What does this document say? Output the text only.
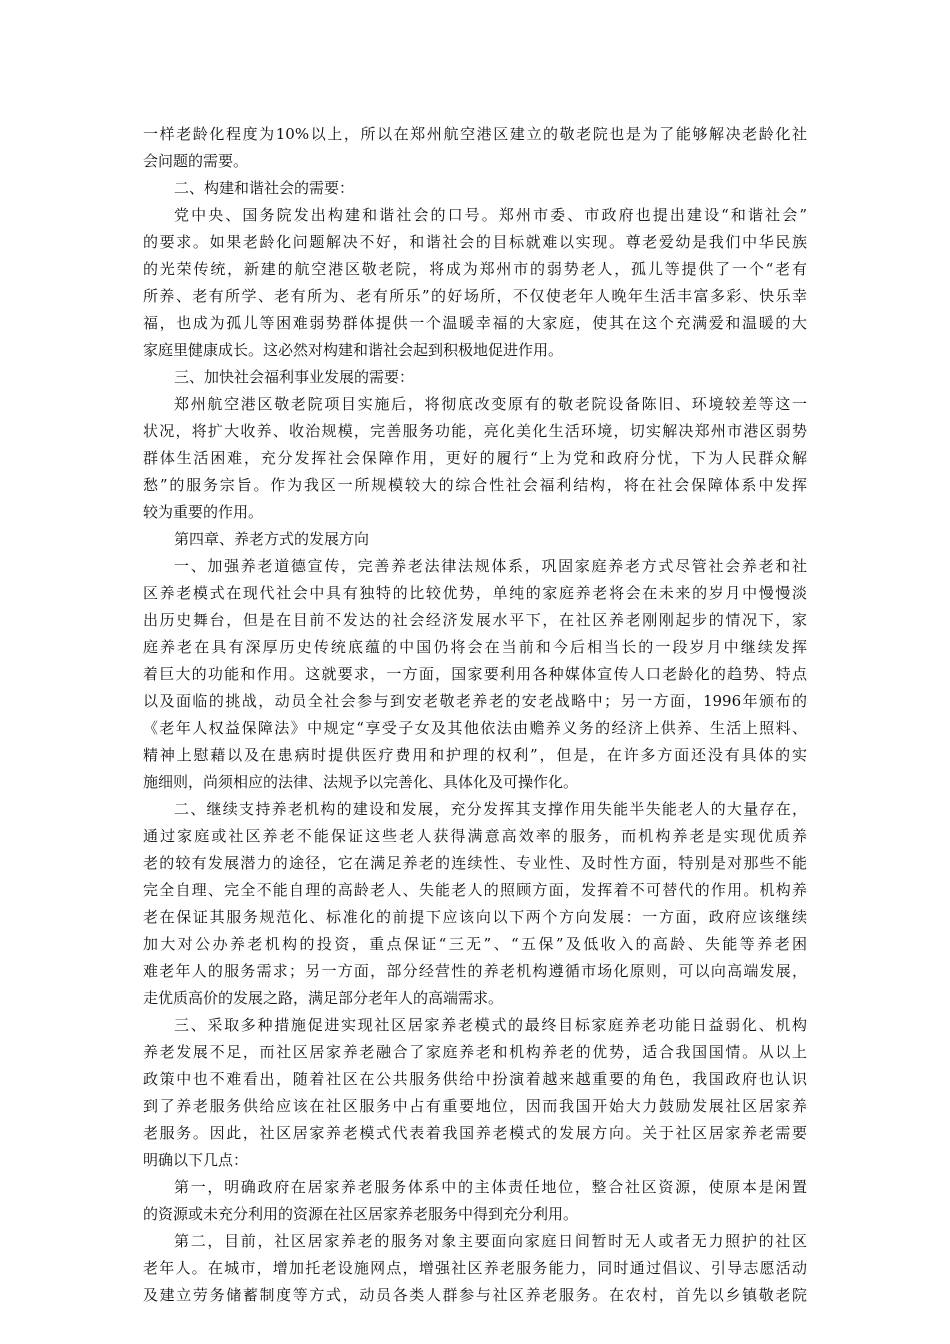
一样老龄化程度为10%以上，所以在郑州航空港区建立的敬老院也是为了能够解决老龄化社
会问题的需要。
二、构建和谐社会的需要：
党中央、国务院发出构建和谐社会的口号。郑州市委、市政府也提出建设“和谐社会”
的要求。如果老龄化问题解决不好，和谐社会的目标就难以实现。尊老爱幼是我们中华民族
的光荣传统，新建的航空港区敬老院，将成为郑州市的弱势老人，孤儿等提供了一个“老有
所养、老有所学、老有所为、老有所乐”的好场所，不仅使老年人晚年生活丰富多彩、快乐幸
福，也成为孤儿等困难弱势群体提供一个温暖幸福的大家庭，使其在这个充满爱和温暖的大
家庭里健康成长。这必然对构建和谐社会起到积极地促进作用。
三、加快社会福利事业发展的需要：
郑州航空港区敬老院项目实施后，将彻底改变原有的敬老院设备陈旧、环境较差等这一
状况，将扩大收养、收治规模，完善服务功能，亮化美化生活环境，切实解决郑州市港区弱势
群体生活困难，充分发挥社会保障作用，更好的履行“上为党和政府分忧，下为人民群众解
愁”的服务宗旨。作为我区一所规模较大的综合性社会福利结构，将在社会保障体系中发挥
较为重要的作用。
第四章、养老方式的发展方向
一、加强养老道德宣传，完善养老法律法规体系，巩固家庭养老方式尽管社会养老和社
区养老模式在现代社会中具有独特的比较优势，单纯的家庭养老将会在未来的岁月中慢慢淡
出历史舞台，但是在目前不发达的社会经济发展水平下，在社区养老刚刚起步的情况下，家
庭养老在具有深厚历史传统底蕴的中国仍将会在当前和今后相当长的一段岁月中继续发挥
着巨大的功能和作用。这就要求，一方面，国家要利用各种媒体宣传人口老龄化的趋势、特点
以及面临的挑战，动员全社会参与到安老敬老养老的安老战略中；另一方面，1996年颁布的
《老年人权益保障法》中规定“享受子女及其他依法由赡养义务的经济上供养、生活上照料、
精神上慰藉以及在患病时提供医疗费用和护理的权利”，但是，在许多方面还没有具体的实
施细则，尚须相应的法律、法规予以完善化、具体化及可操作化。
二、继续支持养老机构的建设和发展，充分发挥其支撑作用失能半失能老人的大量存在，
通过家庭或社区养老不能保证这些老人获得满意高效率的服务，而机构养老是实现优质养
老的较有发展潜力的途径，它在满足养老的连续性、专业性、及时性方面，特别是对那些不能
完全自理、完全不能自理的高龄老人、失能老人的照顾方面，发挥着不可替代的作用。机构养
老在保证其服务规范化、标准化的前提下应该向以下两个方向发展：一方面，政府应该继续
加大对公办养老机构的投资，重点保证“三无”、“五保”及低收入的高龄、失能等养老困
难老年人的服务需求；另一方面，部分经营性的养老机构遵循市场化原则，可以向高端发展，
走优质高价的发展之路，满足部分老年人的高端需求。
三、采取多种措施促进实现社区居家养老模式的最终目标家庭养老功能日益弱化、机构
养老发展不足，而社区居家养老融合了家庭养老和机构养老的优势，适合我国国情。从以上
政策中也不难看出，随着社区在公共服务供给中扮演着越来越重要的角色，我国政府也认识
到了养老服务供给应该在社区服务中占有重要地位，因而我国开始大力鼓励发展社区居家养
老服务。因此，社区居家养老模式代表着我国养老模式的发展方向。关于社区居家养老需要
明确以下几点：
第一，明确政府在居家养老服务体系中的主体责任地位，整合社区资源，使原本是闲置
的资源或未充分利用的资源在社区居家养老服务中得到充分利用。
第二，目前，社区居家养老的服务对象主要面向家庭日间暂时无人或者无力照护的社区
老年人。在城市，增加托老设施网点，增强社区养老服务能力，同时通过倡议、引导志愿活动
及建立劳务储蓄制度等方式，动员各类人群参与社区养老服务。在农村，首先以乡镇敬老院
